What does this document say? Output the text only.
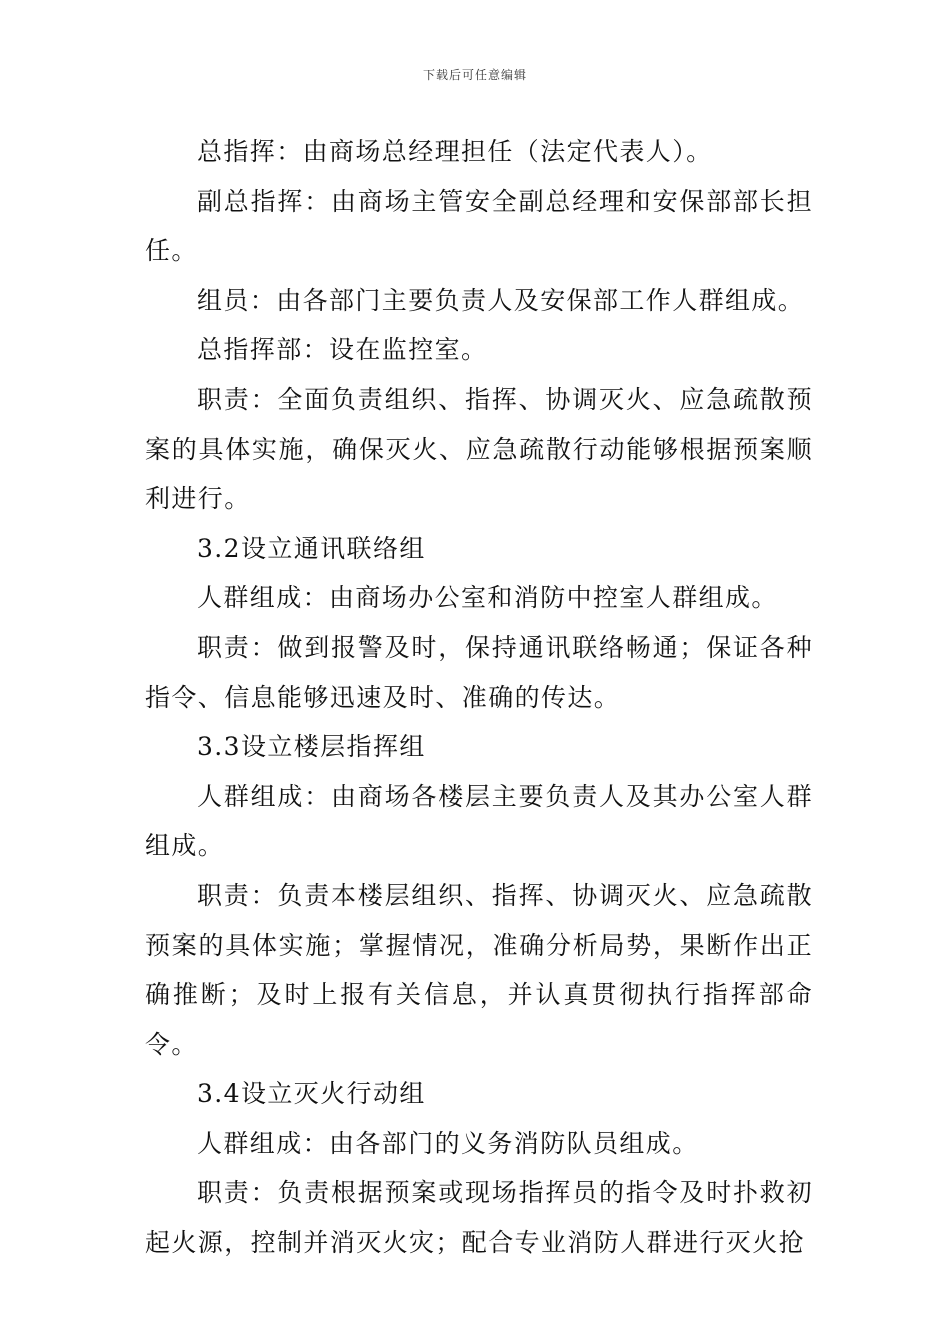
下载后可任意编辑

总指挥：由商场总经理担任（法定代表人）。

副总指挥：由商场主管安全副总经理和安保部部长担任。

组员：由各部门主要负责人及安保部工作人群组成。

总指挥部：设在监控室。

职责：全面负责组织、指挥、协调灭火、应急疏散预案的具体实施，确保灭火、应急疏散行动能够根据预案顺利进行。

3.2设立通讯联络组

人群组成：由商场办公室和消防中控室人群组成。

职责：做到报警及时，保持通讯联络畅通；保证各种指令、信息能够迅速及时、准确的传达。

3.3设立楼层指挥组

人群组成：由商场各楼层主要负责人及其办公室人群组成。

职责：负责本楼层组织、指挥、协调灭火、应急疏散预案的具体实施；掌握情况，准确分析局势，果断作出正确推断；及时上报有关信息，并认真贯彻执行指挥部命令。

3.4设立灭火行动组

人群组成：由各部门的义务消防队员组成。

职责：负责根据预案或现场指挥员的指令及时扑救初起火源，控制并消灭火灾；配合专业消防人群进行灭火抢
